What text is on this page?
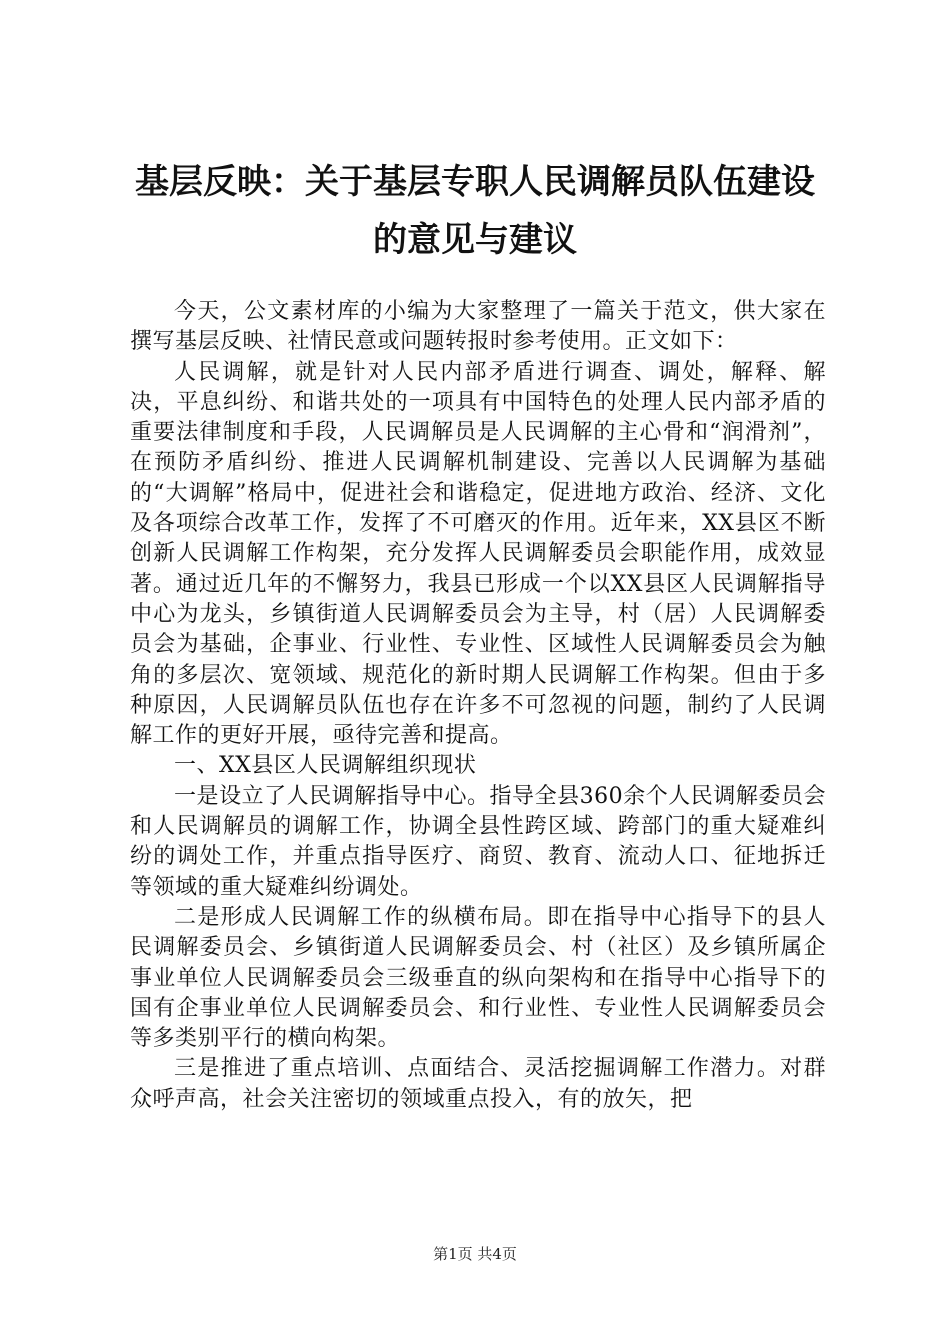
基层反映：关于基层专职人民调解员队伍建设
的意见与建议

今天，公文素材库的小编为大家整理了一篇关于范文，供大家在撰写基层反映、社情民意或问题转报时参考使用。正文如下：

人民调解，就是针对人民内部矛盾进行调查、调处，解释、解决，平息纠纷、和谐共处的一项具有中国特色的处理人民内部矛盾的重要法律制度和手段，人民调解员是人民调解的主心骨和“润滑剂”，在预防矛盾纠纷、推进人民调解机制建设、完善以人民调解为基础的“大调解”格局中，促进社会和谐稳定，促进地方政治、经济、文化及各项综合改革工作，发挥了不可磨灭的作用。近年来，XX县区不断创新人民调解工作构架，充分发挥人民调解委员会职能作用，成效显著。通过近几年的不懈努力，我县已形成一个以XX县区人民调解指导中心为龙头，乡镇街道人民调解委员会为主导，村（居）人民调解委员会为基础，企事业、行业性、专业性、区域性人民调解委员会为触角的多层次、宽领域、规范化的新时期人民调解工作构架。但由于多种原因，人民调解员队伍也存在许多不可忽视的问题，制约了人民调解工作的更好开展，亟待完善和提高。

一、XX县区人民调解组织现状

一是设立了人民调解指导中心。指导全县360余个人民调解委员会和人民调解员的调解工作，协调全县性跨区域、跨部门的重大疑难纠纷的调处工作，并重点指导医疗、商贸、教育、流动人口、征地拆迁等领域的重大疑难纠纷调处。

二是形成人民调解工作的纵横布局。即在指导中心指导下的县人民调解委员会、乡镇街道人民调解委员会、村（社区）及乡镇所属企事业单位人民调解委员会三级垂直的纵向架构和在指导中心指导下的国有企事业单位人民调解委员会、和行业性、专业性人民调解委员会等多类别平行的横向构架。

三是推进了重点培训、点面结合、灵活挖掘调解工作潜力。对群众呼声高，社会关注密切的领域重点投入，有的放矢，把

第1页 共4页
